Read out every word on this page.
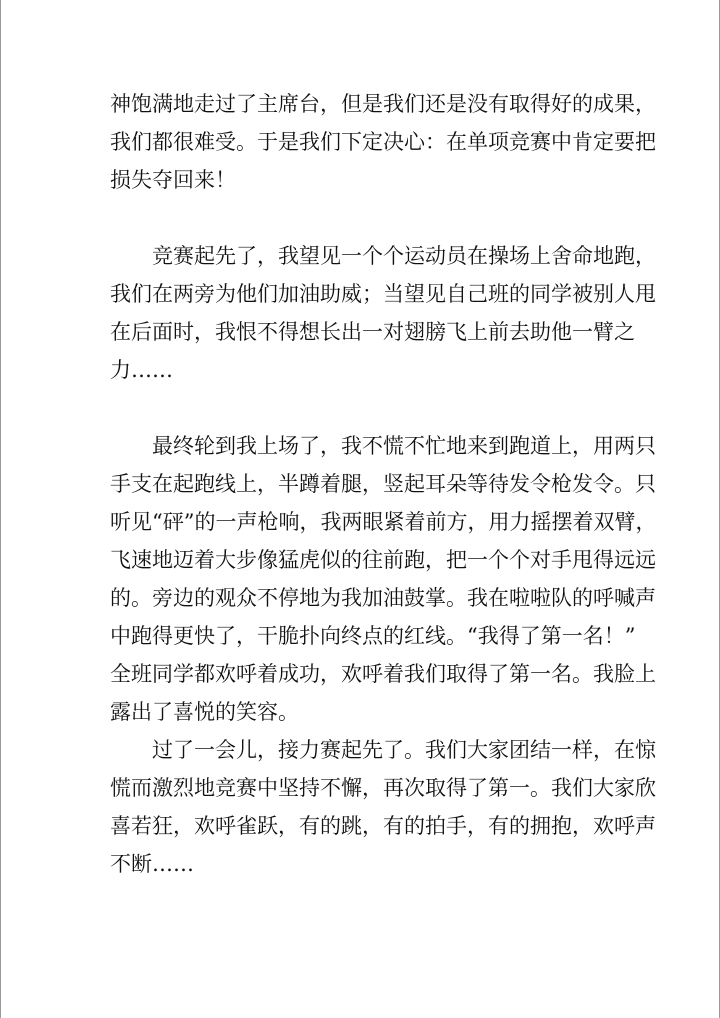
神饱满地走过了主席台，但是我们还是没有取得好的成果，
我们都很难受。于是我们下定决心：在单项竞赛中肯定要把
损失夺回来！
　　竞赛起先了，我望见一个个运动员在操场上舍命地跑，
我们在两旁为他们加油助威；当望见自己班的同学被别人甩
在后面时，我恨不得想长出一对翅膀飞上前去助他一臂之
力……
　　最终轮到我上场了，我不慌不忙地来到跑道上，用两只
手支在起跑线上，半蹲着腿，竖起耳朵等待发令枪发令。只
听见“砰”的一声枪响，我两眼紧着前方，用力摇摆着双臂，
飞速地迈着大步像猛虎似的往前跑，把一个个对手甩得远远
的。旁边的观众不停地为我加油鼓掌。我在啦啦队的呼喊声
中跑得更快了，干脆扑向终点的红线。“我得了第一名！”
全班同学都欢呼着成功，欢呼着我们取得了第一名。我脸上
露出了喜悦的笑容。
　　过了一会儿，接力赛起先了。我们大家团结一样，在惊
慌而激烈地竞赛中坚持不懈，再次取得了第一。我们大家欣
喜若狂，欢呼雀跃，有的跳，有的拍手，有的拥抱，欢呼声
不断……
